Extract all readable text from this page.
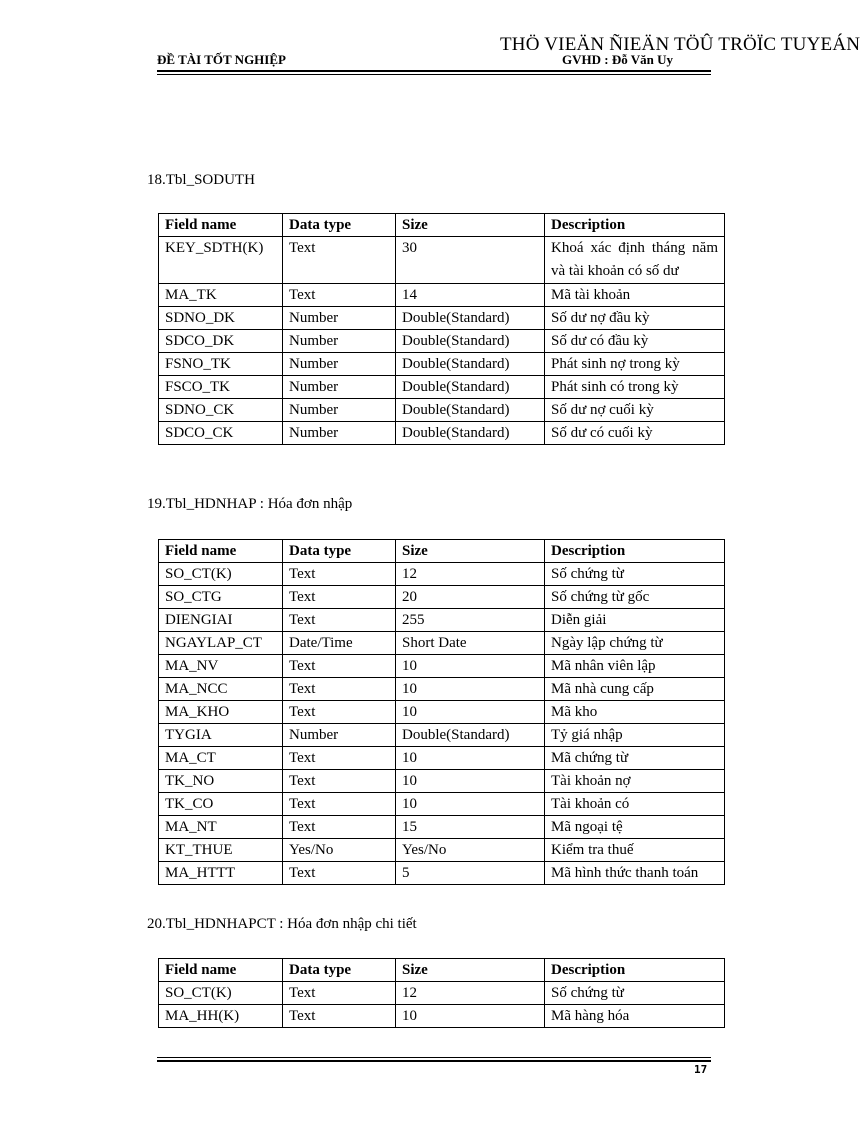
THÖ VIEÄN ÑIEÄN TÖÛ TRÖÏC TUYEÁN
ĐỀ TÀI TỐT NGHIỆP	GVHD : Đỗ Văn Uy
18.Tbl_SODUTH
Field name	Data type	Size	Description
KEY_SDTH(K)	Text	30	Khoá xác định tháng năm và tài khoản có số dư
MA_TK	Text	14	Mã tài khoản
SDNO_DK	Number	Double(Standard)	Số dư nợ đầu kỳ
SDCO_DK	Number	Double(Standard)	Số dư có đầu kỳ
FSNO_TK	Number	Double(Standard)	Phát sinh nợ trong kỳ
FSCO_TK	Number	Double(Standard)	Phát sinh có trong kỳ
SDNO_CK	Number	Double(Standard)	Số dư nợ cuối kỳ
SDCO_CK	Number	Double(Standard)	Số dư có cuối kỳ
19.Tbl_HDNHAP : Hóa đơn nhập
Field name	Data type	Size	Description
SO_CT(K)	Text	12	Số chứng từ
SO_CTG	Text	20	Số chứng từ gốc
DIENGIAI	Text	255	Diễn giải
NGAYLAP_CT	Date/Time	Short Date	Ngày lập chứng từ
MA_NV	Text	10	Mã nhân viên lập
MA_NCC	Text	10	Mã nhà cung cấp
MA_KHO	Text	10	Mã kho
TYGIA	Number	Double(Standard)	Tỷ giá nhập
MA_CT	Text	10	Mã chứng từ
TK_NO	Text	10	Tài khoản nợ
TK_CO	Text	10	Tài khoản có
MA_NT	Text	15	Mã ngoại tệ
KT_THUE	Yes/No	Yes/No	Kiểm tra thuế
MA_HTTT	Text	5	Mã hình thức thanh toán
20.Tbl_HDNHAPCT : Hóa đơn nhập chi tiết
Field name	Data type	Size	Description
SO_CT(K)	Text	12	Số chứng từ
MA_HH(K)	Text	10	Mã hàng hóa
17
